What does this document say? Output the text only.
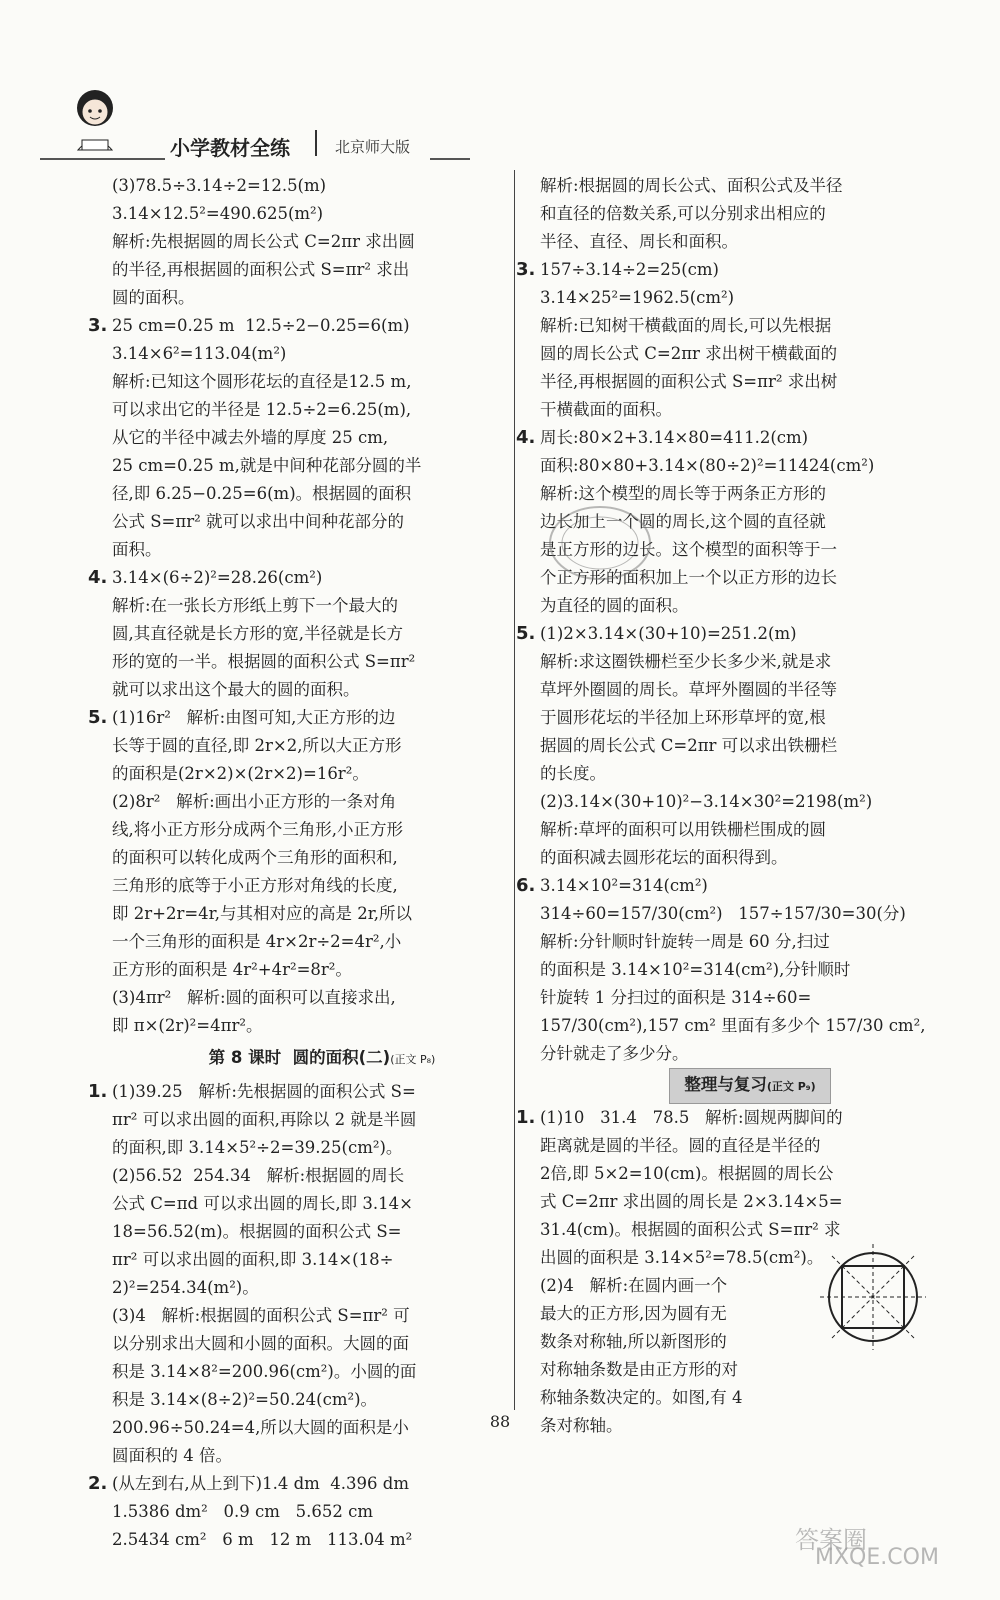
小学教材全练	北京师大版
(3)78.5÷3.14÷2=12.5(m)
3.14×12.5²=490.625(m²)
解析:先根据圆的周长公式 C=2πr 求出圆
的半径,再根据圆的面积公式 S=πr² 求出
圆的面积。
3. 25 cm=0.25 m  12.5÷2−0.25=6(m)
3.14×6²=113.04(m²)
解析:已知这个圆形花坛的直径是12.5 m,
可以求出它的半径是 12.5÷2=6.25(m),
从它的半径中减去外墙的厚度 25 cm,
25 cm=0.25 m,就是中间种花部分圆的半
径,即 6.25−0.25=6(m)。根据圆的面积
公式 S=πr² 就可以求出中间种花部分的
面积。
4. 3.14×(6÷2)²=28.26(cm²)
解析:在一张长方形纸上剪下一个最大的
圆,其直径就是长方形的宽,半径就是长方
形的宽的一半。根据圆的面积公式 S=πr²
就可以求出这个最大的圆的面积。
5. (1)16r²   解析:由图可知,大正方形的边
长等于圆的直径,即 2r×2,所以大正方形
的面积是(2r×2)×(2r×2)=16r²。
(2)8r²   解析:画出小正方形的一条对角
线,将小正方形分成两个三角形,小正方形
的面积可以转化成两个三角形的面积和,
三角形的底等于小正方形对角线的长度,
即 2r+2r=4r,与其相对应的高是 2r,所以
一个三角形的面积是 4r×2r÷2=4r²,小
正方形的面积是 4r²+4r²=8r²。
(3)4πr²   解析:圆的面积可以直接求出,
即 π×(2r)²=4πr²。
第 8 课时  圆的面积(二)(正文 P₈)
1. (1)39.25   解析:先根据圆的面积公式 S=
πr² 可以求出圆的面积,再除以 2 就是半圆
的面积,即 3.14×5²÷2=39.25(cm²)。
(2)56.52  254.34   解析:根据圆的周长
公式 C=πd 可以求出圆的周长,即 3.14×
18=56.52(m)。根据圆的面积公式 S=
πr² 可以求出圆的面积,即 3.14×(18÷
2)²=254.34(m²)。
(3)4   解析:根据圆的面积公式 S=πr² 可
以分别求出大圆和小圆的面积。大圆的面
积是 3.14×8²=200.96(cm²)。小圆的面
积是 3.14×(8÷2)²=50.24(cm²)。
200.96÷50.24=4,所以大圆的面积是小
圆面积的 4 倍。
2. (从左到右,从上到下)1.4 dm  4.396 dm
1.5386 dm²   0.9 cm   5.652 cm
2.5434 cm²   6 m   12 m   113.04 m²
解析:根据圆的周长公式、面积公式及半径
和直径的倍数关系,可以分别求出相应的
半径、直径、周长和面积。
3. 157÷3.14÷2=25(cm)
3.14×25²=1962.5(cm²)
解析:已知树干横截面的周长,可以先根据
圆的周长公式 C=2πr 求出树干横截面的
半径,再根据圆的面积公式 S=πr² 求出树
干横截面的面积。
4. 周长:80×2+3.14×80=411.2(cm)
面积:80×80+3.14×(80÷2)²=11424(cm²)
解析:这个模型的周长等于两条正方形的
边长加上一个圆的周长,这个圆的直径就
是正方形的边长。这个模型的面积等于一
个正方形的面积加上一个以正方形的边长
为直径的圆的面积。
5. (1)2×3.14×(30+10)=251.2(m)
解析:求这圈铁栅栏至少长多少米,就是求
草坪外圈圆的周长。草坪外圈圆的半径等
于圆形花坛的半径加上环形草坪的宽,根
据圆的周长公式 C=2πr 可以求出铁栅栏
的长度。
(2)3.14×(30+10)²−3.14×30²=2198(m²)
解析:草坪的面积可以用铁栅栏围成的圆
的面积减去圆形花坛的面积得到。
6. 3.14×10²=314(cm²)
314÷60=157/30(cm²)   157÷157/30=30(分)
解析:分针顺时针旋转一周是 60 分,扫过
的面积是 3.14×10²=314(cm²),分针顺时
针旋转 1 分扫过的面积是 314÷60=
157/30(cm²),157 cm² 里面有多少个 157/30 cm²,
分针就走了多少分。
整理与复习(正文 P₉)
1. (1)10   31.4   78.5   解析:圆规两脚间的
距离就是圆的半径。圆的直径是半径的
2倍,即 5×2=10(cm)。根据圆的周长公
式 C=2πr 求出圆的周长是 2×3.14×5=
31.4(cm)。根据圆的面积公式 S=πr² 求
出圆的面积是 3.14×5²=78.5(cm²)。
(2)4   解析:在圆内画一个
最大的正方形,因为圆有无
数条对称轴,所以新图形的
对称轴条数是由正方形的对
称轴条数决定的。如图,有 4
条对称轴。
88
答案圈
MXQE.COM
